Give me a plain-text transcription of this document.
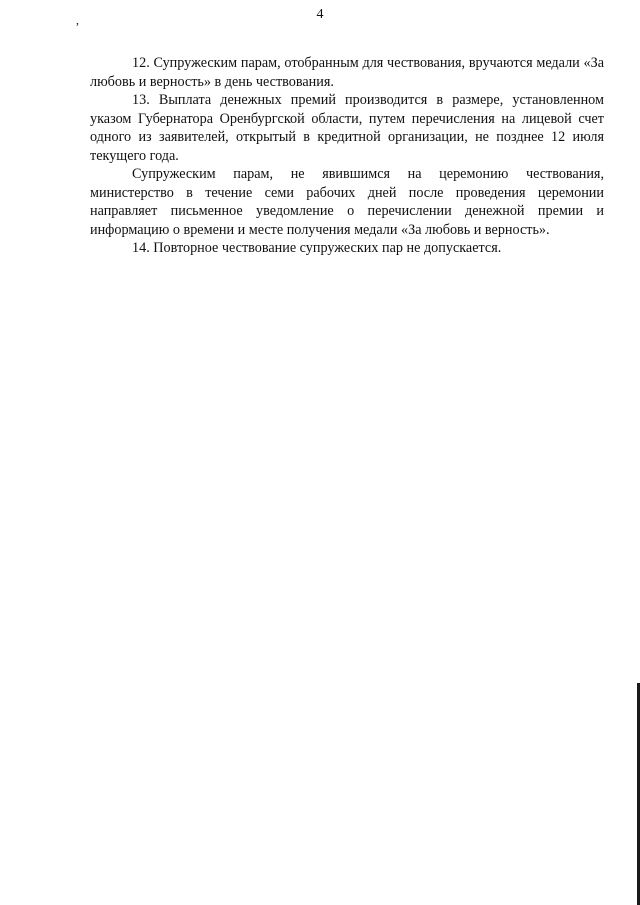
4
,

12. Супружеским парам, отобранным для чествования, вручаются медали «За любовь и верность» в день чествования.

13. Выплата денежных премий производится в размере, установленном указом Губернатора Оренбургской области, путем перечисления на лицевой счет одного из заявителей, открытый в кредитной организации, не позднее 12 июля текущего года.

Супружеским парам, не явившимся на церемонию чествования, министерство в течение семи рабочих дней после проведения церемонии направляет письменное уведомление о перечислении денежной премии и информацию о времени и месте получения медали «За любовь и верность».

14. Повторное чествование супружеских пар не допускается.
